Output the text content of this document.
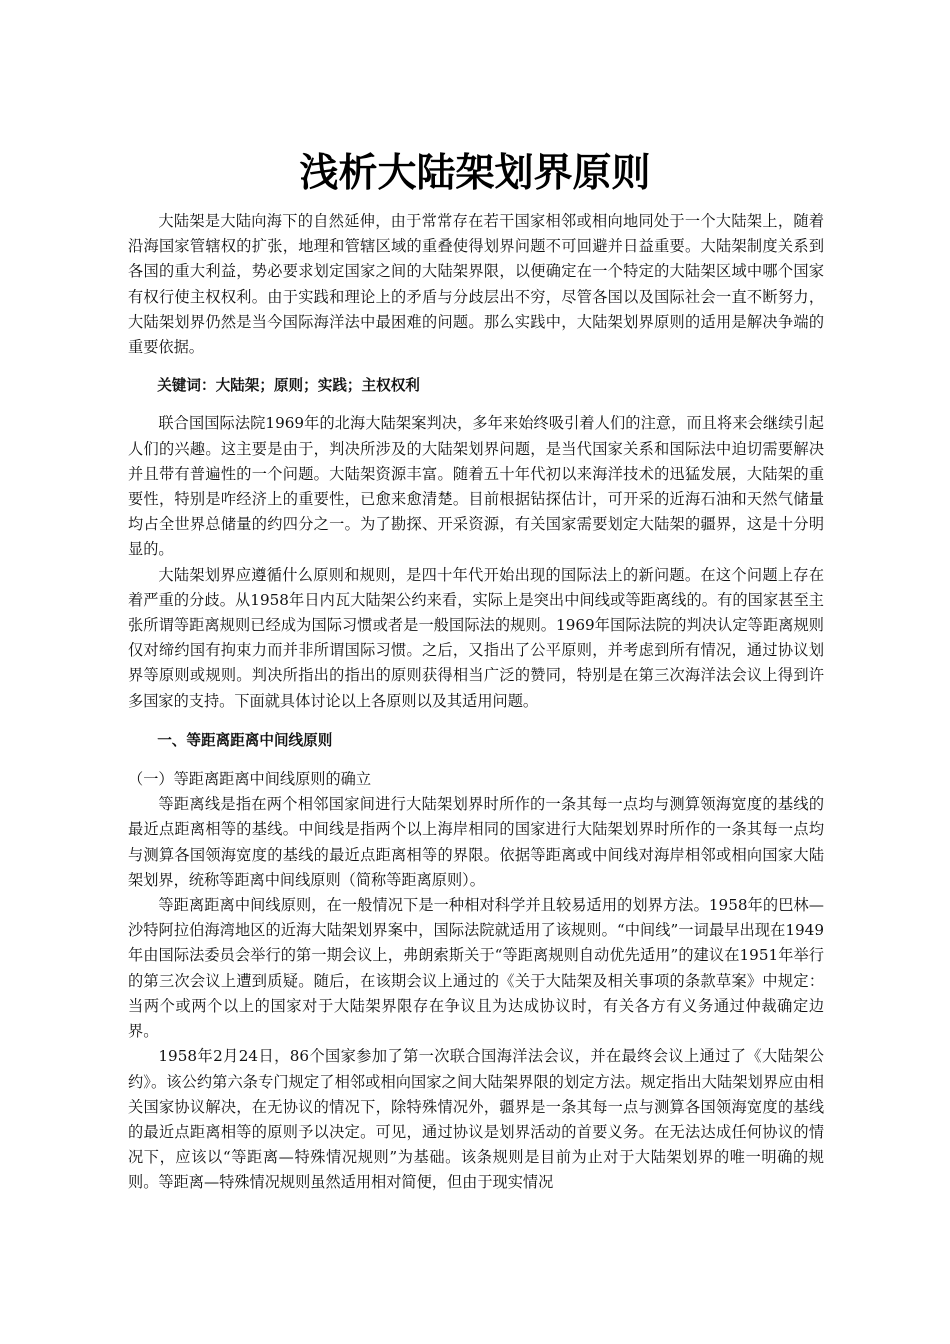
浅析大陆架划界原则

大陆架是大陆向海下的自然延伸，由于常常存在若干国家相邻或相向地同处于一个大陆架上，随着沿海国家管辖权的扩张，地理和管辖区域的重叠使得划界问题不可回避并日益重要。大陆架制度关系到各国的重大利益，势必要求划定国家之间的大陆架界限，以便确定在一个特定的大陆架区域中哪个国家有权行使主权权利。由于实践和理论上的矛盾与分歧层出不穷，尽管各国以及国际社会一直不断努力，大陆架划界仍然是当今国际海洋法中最困难的问题。那么实践中，大陆架划界原则的适用是解决争端的重要依据。

关键词：大陆架；原则；实践；主权权利

联合国国际法院1969年的北海大陆架案判决，多年来始终吸引着人们的注意，而且将来会继续引起人们的兴趣。这主要是由于，判决所涉及的大陆架划界问题，是当代国家关系和国际法中迫切需要解决并且带有普遍性的一个问题。大陆架资源丰富。随着五十年代初以来海洋技术的迅猛发展，大陆架的重要性，特别是咋经济上的重要性，已愈来愈清楚。目前根据钻探估计，可开采的近海石油和天然气储量均占全世界总储量的约四分之一。为了勘探、开采资源，有关国家需要划定大陆架的疆界，这是十分明显的。

大陆架划界应遵循什么原则和规则，是四十年代开始出现的国际法上的新问题。在这个问题上存在着严重的分歧。从1958年日内瓦大陆架公约来看，实际上是突出中间线或等距离线的。有的国家甚至主张所谓等距离规则已经成为国际习惯或者是一般国际法的规则。1969年国际法院的判决认定等距离规则仅对缔约国有拘束力而并非所谓国际习惯。之后，又指出了公平原则，并考虑到所有情况，通过协议划界等原则或规则。判决所指出的指出的原则获得相当广泛的赞同，特别是在第三次海洋法会议上得到许多国家的支持。下面就具体讨论以上各原则以及其适用问题。

一、等距离距离中间线原则

（一）等距离距离中间线原则的确立

等距离线是指在两个相邻国家间进行大陆架划界时所作的一条其每一点均与测算领海宽度的基线的最近点距离相等的基线。中间线是指两个以上海岸相同的国家进行大陆架划界时所作的一条其每一点均与测算各国领海宽度的基线的最近点距离相等的界限。依据等距离或中间线对海岸相邻或相向国家大陆架划界，统称等距离中间线原则（简称等距离原则）。

等距离距离中间线原则，在一般情况下是一种相对科学并且较易适用的划界方法。1958年的巴林—沙特阿拉伯海湾地区的近海大陆架划界案中，国际法院就适用了该规则。“中间线”一词最早出现在1949年由国际法委员会举行的第一期会议上，弗朗索斯关于“等距离规则自动优先适用”的建议在1951年举行的第三次会议上遭到质疑。随后，在该期会议上通过的《关于大陆架及相关事项的条款草案》中规定：当两个或两个以上的国家对于大陆架界限存在争议且为达成协议时，有关各方有义务通过仲裁确定边界。

1958年2月24日，86个国家参加了第一次联合国海洋法会议，并在最终会议上通过了《大陆架公约》。该公约第六条专门规定了相邻或相向国家之间大陆架界限的划定方法。规定指出大陆架划界应由相关国家协议解决，在无协议的情况下，除特殊情况外，疆界是一条其每一点与测算各国领海宽度的基线的最近点距离相等的原则予以决定。可见，通过协议是划界活动的首要义务。在无法达成任何协议的情况下，应该以“等距离—特殊情况规则”为基础。该条规则是目前为止对于大陆架划界的唯一明确的规则。等距离—特殊情况规则虽然适用相对简便，但由于现实情况
